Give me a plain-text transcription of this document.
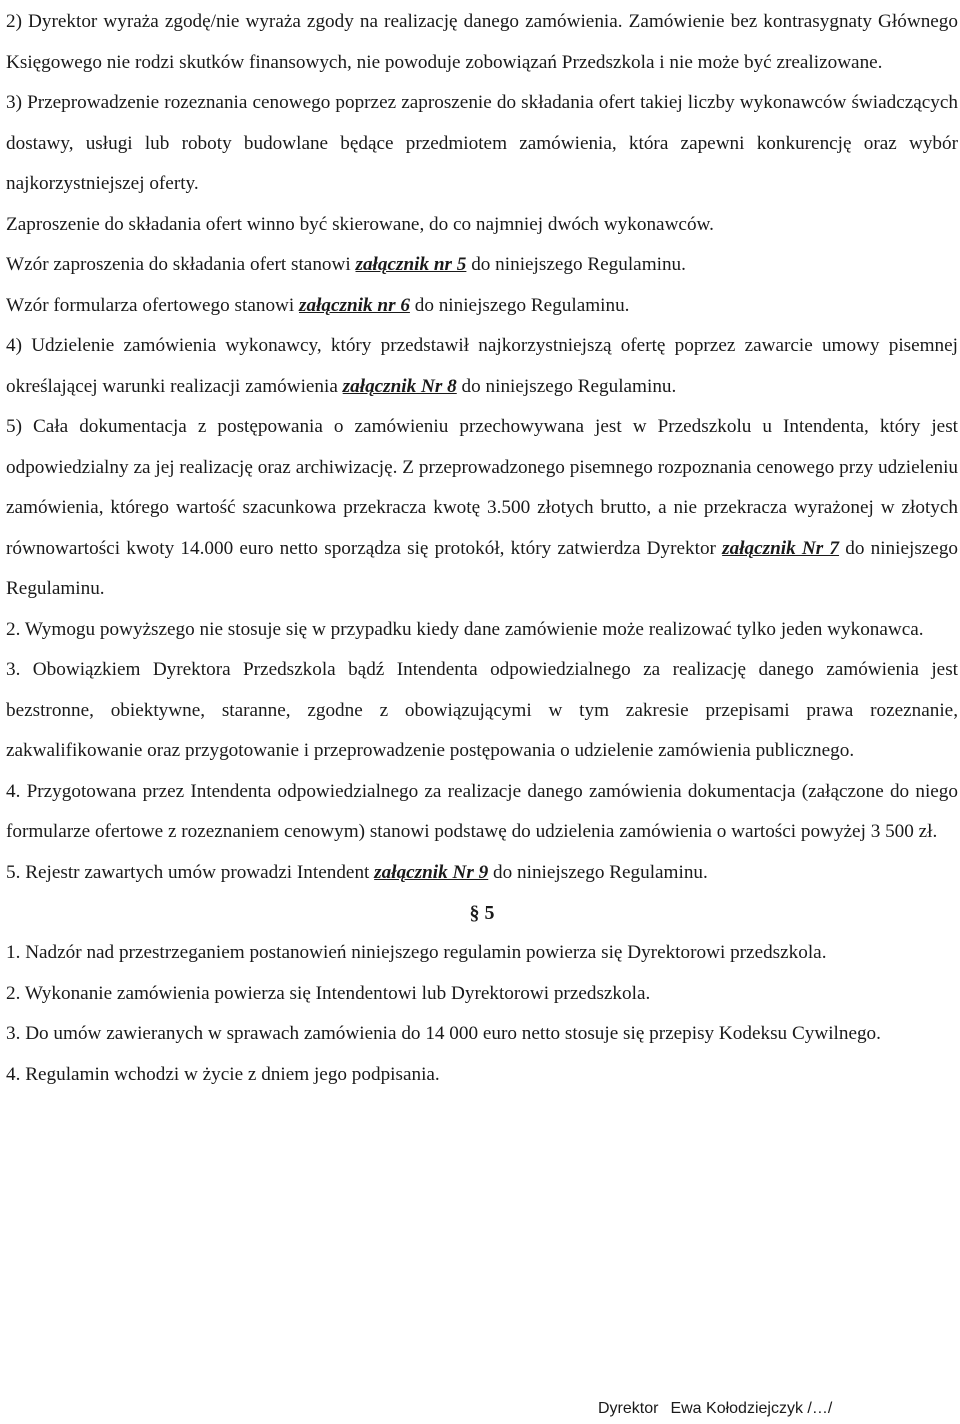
2) Dyrektor wyraża zgodę/nie wyraża zgody na realizację danego zamówienia. Zamówienie bez kontrasygnaty Głównego Księgowego nie rodzi skutków finansowych, nie powoduje zobowiązań Przedszkola i nie może być zrealizowane.

3) Przeprowadzenie rozeznania cenowego poprzez zaproszenie do składania ofert takiej liczby wykonawców świadczących dostawy, usługi lub roboty budowlane będące przedmiotem zamówienia, która zapewni konkurencję oraz wybór najkorzystniejszej oferty.

Zaproszenie do składania ofert winno być skierowane, do co najmniej dwóch wykonawców.

Wzór zaproszenia do składania ofert stanowi załącznik nr 5 do niniejszego Regulaminu.

Wzór formularza ofertowego stanowi załącznik nr 6 do niniejszego Regulaminu.

4) Udzielenie zamówienia wykonawcy, który przedstawił najkorzystniejszą ofertę poprzez zawarcie umowy pisemnej określającej warunki realizacji zamówienia załącznik Nr 8 do niniejszego Regulaminu.

5) Cała dokumentacja z postępowania o zamówieniu przechowywana jest w Przedszkolu u Intendenta, który jest odpowiedzialny za jej realizację oraz archiwizację. Z przeprowadzonego pisemnego rozpoznania cenowego przy udzieleniu zamówienia, którego wartość szacunkowa przekracza kwotę 3.500 złotych brutto, a nie przekracza wyrażonej w złotych równowartości kwoty 14.000 euro netto sporządza się protokół, który zatwierdza Dyrektor załącznik Nr 7 do niniejszego Regulaminu.

2. Wymogu powyższego nie stosuje się w przypadku kiedy dane zamówienie może realizować tylko jeden wykonawca.

3. Obowiązkiem Dyrektora Przedszkola bądź Intendenta odpowiedzialnego za realizację danego zamówienia jest bezstronne, obiektywne, staranne, zgodne z obowiązującymi w tym zakresie przepisami prawa rozeznanie, zakwalifikowanie oraz przygotowanie i przeprowadzenie postępowania o udzielenie zamówienia publicznego.

4. Przygotowana przez Intendenta odpowiedzialnego za realizacje danego zamówienia dokumentacja (załączone do niego formularze ofertowe z rozeznaniem cenowym) stanowi podstawę do udzielenia zamówienia o wartości powyżej 3 500 zł.

5. Rejestr zawartych umów prowadzi Intendent załącznik Nr 9 do niniejszego Regulaminu.

§ 5

1. Nadzór nad przestrzeganiem postanowień niniejszego regulamin powierza się Dyrektorowi przedszkola.

2. Wykonanie zamówienia powierza się Intendentowi lub Dyrektorowi przedszkola.

3. Do umów zawieranych w sprawach zamówienia do 14 000 euro netto stosuje się przepisy Kodeksu Cywilnego.

4. Regulamin wchodzi w życie z dniem jego podpisania.

Dyrektor Ewa Kołodziejczyk /…/
